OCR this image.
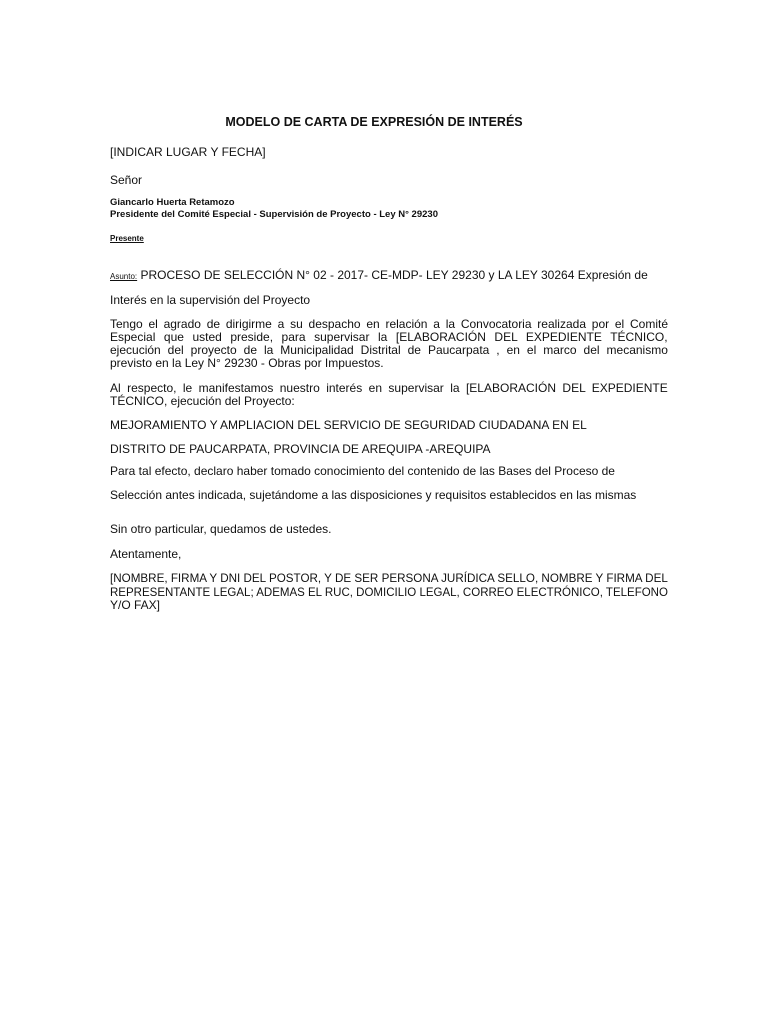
MODELO DE CARTA DE EXPRESIÓN DE INTERÉS
[INDICAR LUGAR Y FECHA]
Señor
Giancarlo Huerta Retamozo
Presidente del Comité Especial - Supervisión de Proyecto - Ley N° 29230
Presente
Asunto: PROCESO DE SELECCIÓN N° 02 - 2017- CE-MDP- LEY 29230 y LA LEY 30264 Expresión de
Interés en la supervisión del Proyecto
Tengo el agrado de dirigirme a su despacho en relación a la Convocatoria realizada por el Comité
Especial que usted preside, para supervisar la [ELABORACIÓN DEL EXPEDIENTE TÉCNICO,
ejecución del proyecto de la Municipalidad Distrital de Paucarpata , en el marco del mecanismo
previsto en la Ley N° 29230 - Obras por Impuestos.
Al respecto, le manifestamos nuestro interés en supervisar la [ELABORACIÓN DEL EXPEDIENTE
TÉCNICO, ejecución del Proyecto:
MEJORAMIENTO Y AMPLIACION DEL SERVICIO DE SEGURIDAD CIUDADANA EN EL
DISTRITO DE PAUCARPATA, PROVINCIA DE AREQUIPA -AREQUIPA
Para tal efecto, declaro haber tomado conocimiento del contenido de las Bases del Proceso de
Selección antes indicada, sujetándome a las disposiciones y requisitos establecidos en las mismas
Sin otro particular, quedamos de ustedes.
Atentamente,
[NOMBRE, FIRMA Y DNI DEL POSTOR, Y DE SER PERSONA JURÍDICA SELLO, NOMBRE Y FIRMA DEL
REPRESENTANTE LEGAL; ADEMAS EL RUC, DOMICILIO LEGAL, CORREO ELECTRÓNICO, TELEFONO
Y/O FAX]
